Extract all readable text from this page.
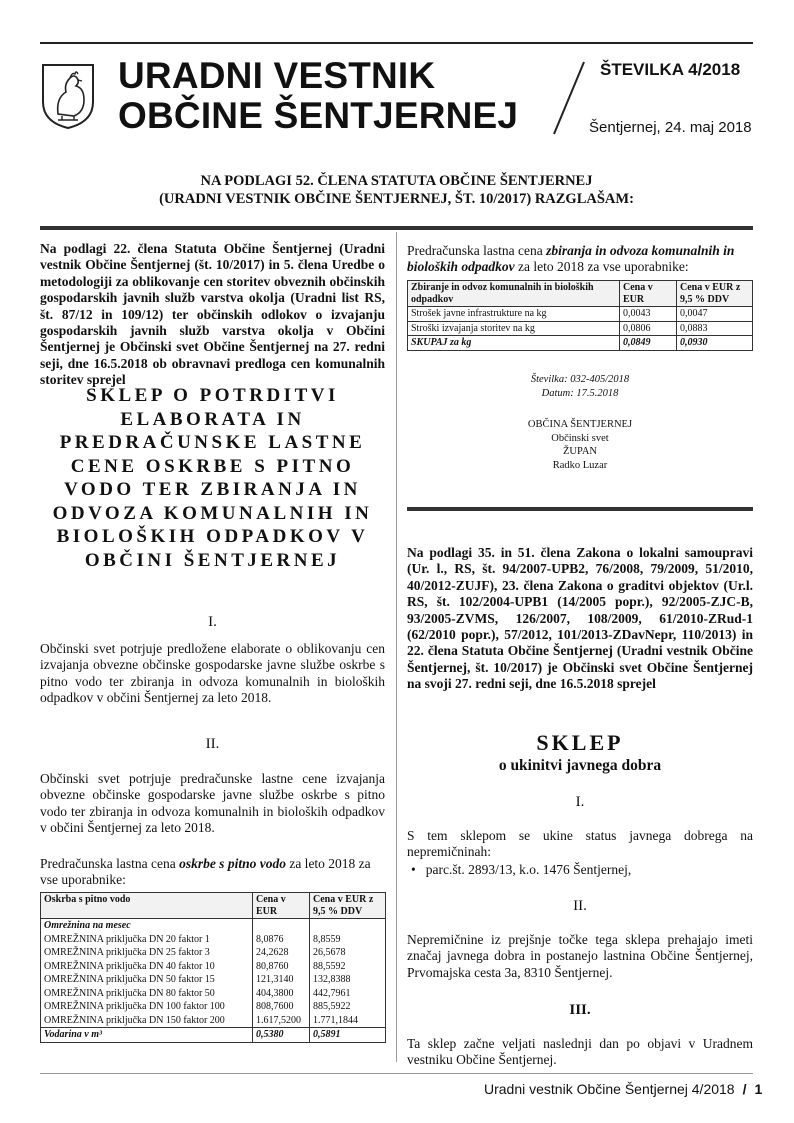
URADNI VESTNIK
OBČINE ŠENTJERNEJ
ŠTEVILKA 4/2018
Šentjernej, 24. maj 2018
NA PODLAGI 52. ČLENA STATUTA OBČINE ŠENTJERNEJ
(URADNI VESTNIK OBČINE ŠENTJERNEJ, ŠT. 10/2017) RAZGLAŠAM:
Na podlagi 22. člena Statuta Občine Šentjernej (Uradni vestnik Občine Šentjernej (št. 10/2017) in 5. člena Uredbe o metodologiji za oblikovanje cen storitev obveznih občinskih gospodarskih javnih služb varstva okolja (Uradni list RS, št. 87/12 in 109/12) ter občinskih odlokov o izvajanju gospodarskih javnih služb varstva okolja v Občini Šentjernej je Občinski svet Občine Šentjernej na 27. redni seji, dne 16.5.2018 ob obravnavi predloga cen komunalnih storitev sprejel
SKLEP O POTRDITVI ELABORATA IN PREDRAČUNSKE LASTNE CENE OSKRBE S PITNO VODO TER ZBIRANJA IN ODVOZA KOMUNALNIH IN BIOLOŠKIH ODPADKOV V OBČINI ŠENTJERNEJ
I.
Občinski svet potrjuje predložene elaborate o oblikovanju cen izvajanja obvezne občinske gospodarske javne službe oskrbe s pitno vodo ter zbiranja in odvoza komunalnih in bioloških odpadkov v občini Šentjernej za leto 2018.
II.
Občinski svet potrjuje predračunske lastne cene izvajanja obvezne občinske gospodarske javne službe oskrbe s pitno vodo ter zbiranja in odvoza komunalnih in bioloških odpadkov v občini Šentjernej za leto 2018.
Predračunska lastna cena oskrbe s pitno vodo za leto 2018 za vse uporabnike:
Oskrba s pitno vodo	Cena v EUR	Cena v EUR z 9,5 % DDV
Omrežnina na mesec		
OMREŽNINA priključka DN 20 faktor 1	8,0876	8,8559
OMREŽNINA priključka DN 25 faktor 3	24,2628	26,5678
OMREŽNINA priključka DN 40 faktor 10	80,8760	88,5592
OMREŽNINA priključka DN 50 faktor 15	121,3140	132,8388
OMREŽNINA priključka DN 80 faktor 50	404,3800	442,7961
OMREŽNINA priključka DN 100 faktor 100	808,7600	885,5922
OMREŽNINA priključka DN 150 faktor 200	1.617,5200	1.771,1844
Vodarina v m³	0,5380	0,5891
Predračunska lastna cena zbiranja in odvoza komunalnih in bioloških odpadkov za leto 2018 za vse uporabnike:
Zbiranje in odvoz komunalnih in bioloških odpadkov	Cena v EUR	Cena v EUR z 9,5 % DDV
Strošek javne infrastrukture na kg	0,0043	0,0047
Stroški izvajanja storitev na kg	0,0806	0,0883
SKUPAJ za kg	0,0849	0,0930
Številka: 032-405/2018
Datum: 17.5.2018
OBČINA ŠENTJERNEJ
Občinski svet
ŽUPAN
Radko Luzar
Na podlagi 35. in 51. člena Zakona o lokalni samoupravi (Ur. l., RS, št. 94/2007-UPB2, 76/2008, 79/2009, 51/2010, 40/2012-ZUJF), 23. člena Zakona o graditvi objektov (Ur.l. RS, št. 102/2004-UPB1 (14/2005 popr.), 92/2005-ZJC-B, 93/2005-ZVMS, 126/2007, 108/2009, 61/2010-ZRud-1 (62/2010 popr.), 57/2012, 101/2013-ZDavNepr, 110/2013) in 22. člena Statuta Občine Šentjernej (Uradni vestnik Občine Šentjernej, št. 10/2017) je Občinski svet Občine Šentjernej na svoji 27. redni seji, dne 16.5.2018 sprejel
SKLEP
o ukinitvi javnega dobra
I.
S tem sklepom se ukine status javnega dobrega na nepremičninah:
• parc.št. 2893/13, k.o. 1476 Šentjernej,
II.
Nepremičnine iz prejšnje točke tega sklepa prehajajo imeti značaj javnega dobra in postanejo lastnina Občine Šentjernej, Prvomajska cesta 3a, 8310 Šentjernej.
III.
Ta sklep začne veljati naslednji dan po objavi v Uradnem vestniku Občine Šentjernej.
Uradni vestnik Občine Šentjernej 4/2018 / 1
